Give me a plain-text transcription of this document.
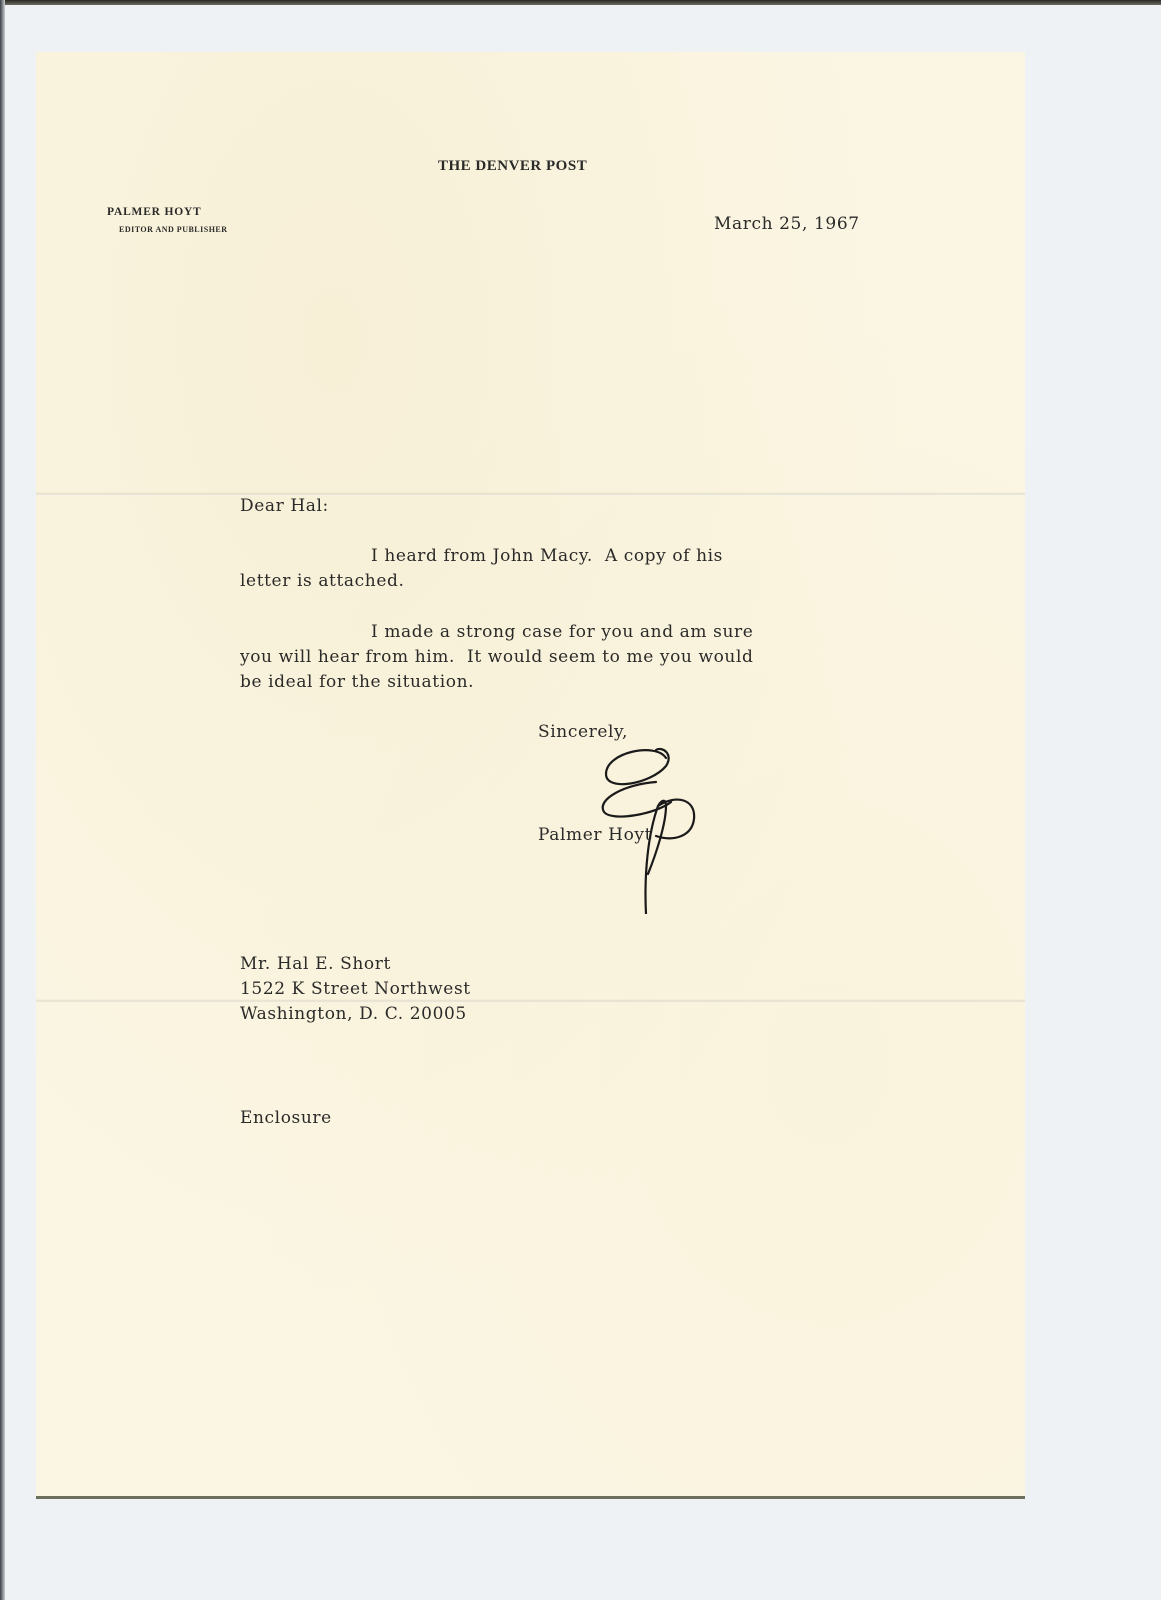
THE DENVER POST
PALMER HOYT
EDITOR AND PUBLISHER	March 25, 1967
Dear Hal:
I heard from John Macy.  A copy of his
letter is attached.
I made a strong case for you and am sure
you will hear from him.  It would seem to me you would
be ideal for the situation.
Sincerely,
Palmer Hoyt
Mr. Hal E. Short
1522 K Street Northwest
Washington, D. C. 20005
Enclosure
